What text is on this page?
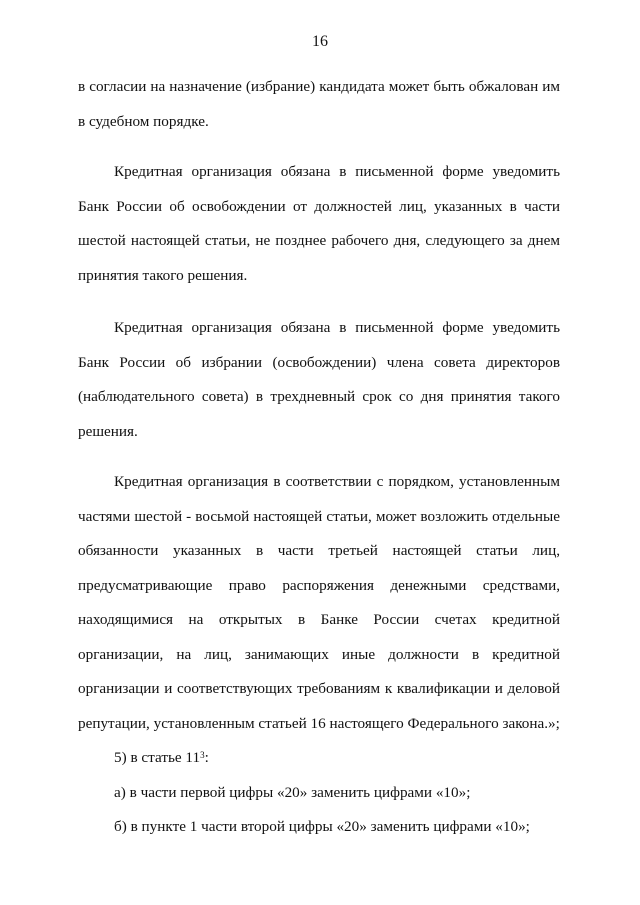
16

в согласии на назначение (избрание) кандидата может быть обжалован им в судебном порядке.

Кредитная организация обязана в письменной форме уведомить Банк России об освобождении от должностей лиц, указанных в части шестой настоящей статьи, не позднее рабочего дня, следующего за днем принятия такого решения.

Кредитная организация обязана в письменной форме уведомить Банк России об избрании (освобождении) члена совета директоров (наблюдательного совета) в трехдневный срок со дня принятия такого решения.

Кредитная организация в соответствии с порядком, установленным частями шестой - восьмой настоящей статьи, может возложить отдельные обязанности указанных в части третьей настоящей статьи лиц, предусматривающие право распоряжения денежными средствами, находящимися на открытых в Банке России счетах кредитной организации, на лиц, занимающих иные должности в кредитной организации и соответствующих требованиям к квалификации и деловой репутации, установленным статьей 16 настоящего Федерального закона.»;

5) в статье $11^3$:

а) в части первой цифры «20» заменить цифрами «10»;

б) в пункте 1 части второй цифры «20» заменить цифрами «10»;
